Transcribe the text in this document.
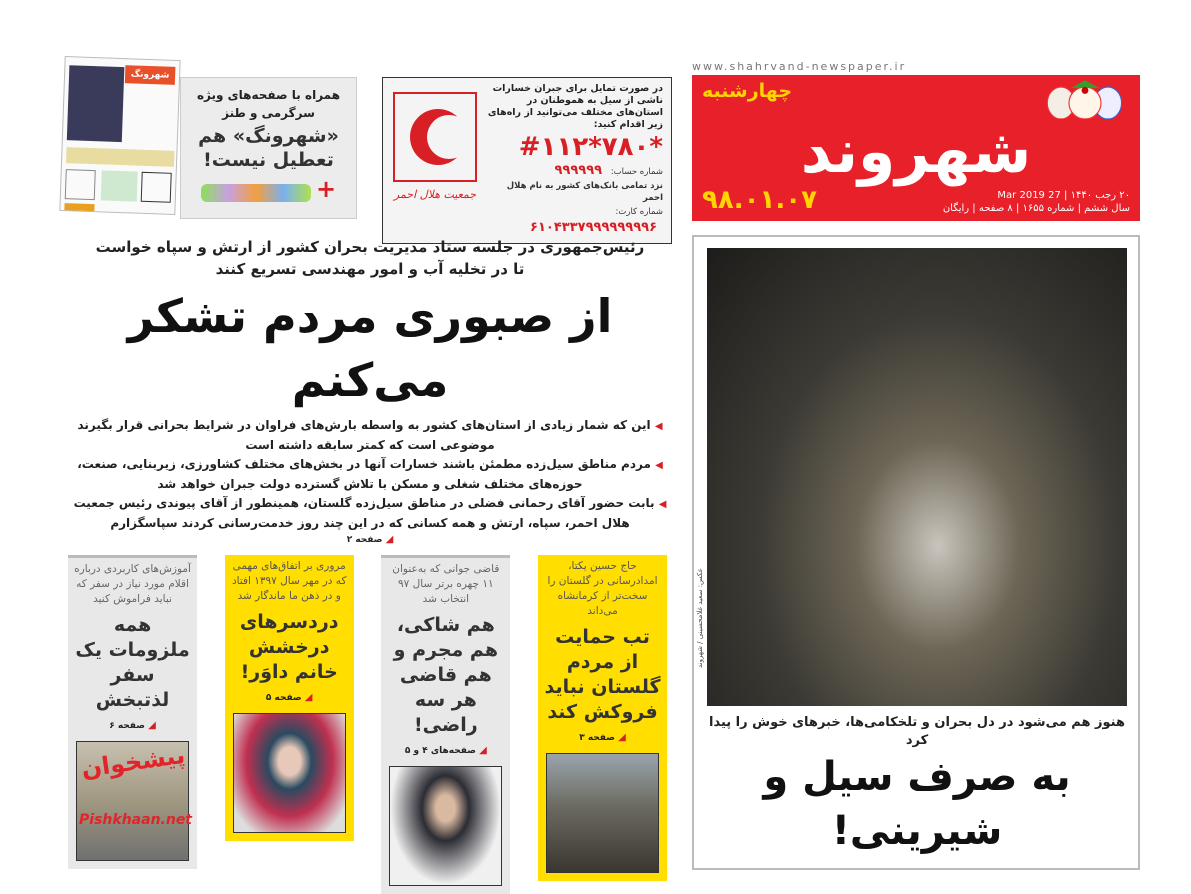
www.shahrvand-newspaper.ir
چهارشنبه
شهروند
۲۰ رجب ۱۴۴۰ | 27 Mar 2019
سال ششم | شماره ۱۶۵۵ | ۸ صفحه | رایگان
۹۸.۰۱.۰۷
جمعیت هلال احمر
در صورت تمایل برای جبران خسارات ناشی از سیل به هموطنان در استان‌های مختلف می‌توانید از راه‌های زیر اقدام کنید:
#۱۱۲*۷۸۰*
شماره حساب: ۹۹۹۹۹۹
نزد تمامی بانک‌های کشور به نام هلال احمر
شماره کارت: ۶۱۰۴۳۳۷۹۹۹۹۹۹۹۹۶
شهرونگ
همراه با صفحه‌های ویژه
سرگرمی و طنز
«شهرونگ» هم تعطیل نیست!
+
رئیس‌جمهوری در جلسه ستاد مدیریت بحران کشور از ارتش و سپاه خواست
تا در تخلیه آب و امور مهندسی تسریع کنند
از صبوری مردم تشکر می‌کنم

◀ این که شمار زیادی از استان‌های کشور به واسطه بارش‌های فراوان در شرایط بحرانی قرار بگیرند موضوعی است که کمتر سابقه داشته است

◀ مردم مناطق سیل‌زده مطمئن باشند خسارات آنها در بخش‌های مختلف کشاورزی، زیربنایی، صنعت، حوزه‌های مختلف شغلی و مسکن با تلاش گسترده دولت جبران خواهد شد

◀ بابت حضور آقای رحمانی فضلی در مناطق سیل‌زده گلستان، همینطور از آقای پیوندی رئیس جمعیت هلال احمر، سپاه، ارتش و همه کسانی که در این چند روز خدمت‌رسانی کردند سپاسگزارم

◢ صفحه ۲

حاج حسین یکتا، امدادرسانی در گلستان را سخت‌تر از کرمانشاه می‌داند
تب حمایت از مردم گلستان نباید فروکش کند
◢ صفحه ۳
قاضی جوانی که به‌عنوان ۱۱ چهره برتر سال ۹۷ انتخاب شد
هم شاکی، هم مجرم و هم قاضی هر سه راضی!
◢ صفحه‌های ۴ و ۵
مروری بر اتفاق‌های مهمی که در مهر سال ۱۳۹۷ افتاد و در ذهن ما ماندگار شد
دردسرهای درخشش خانم داوَر!
◢ صفحه ۵
آموزش‌های کاربردی درباره اقلام مورد نیاز در سفر که نباید فراموش کنید
همه ملزومات یک سفر لذتبخش
◢ صفحه ۶
پیشخوان
Pishkhaan.net
عکس: سعید غلامحسینی / شهروند
هنوز هم می‌شود در دل بحران و تلخکامی‌ها، خبرهای خوش را پیدا کرد
به صرف سیل و شیرینی!
